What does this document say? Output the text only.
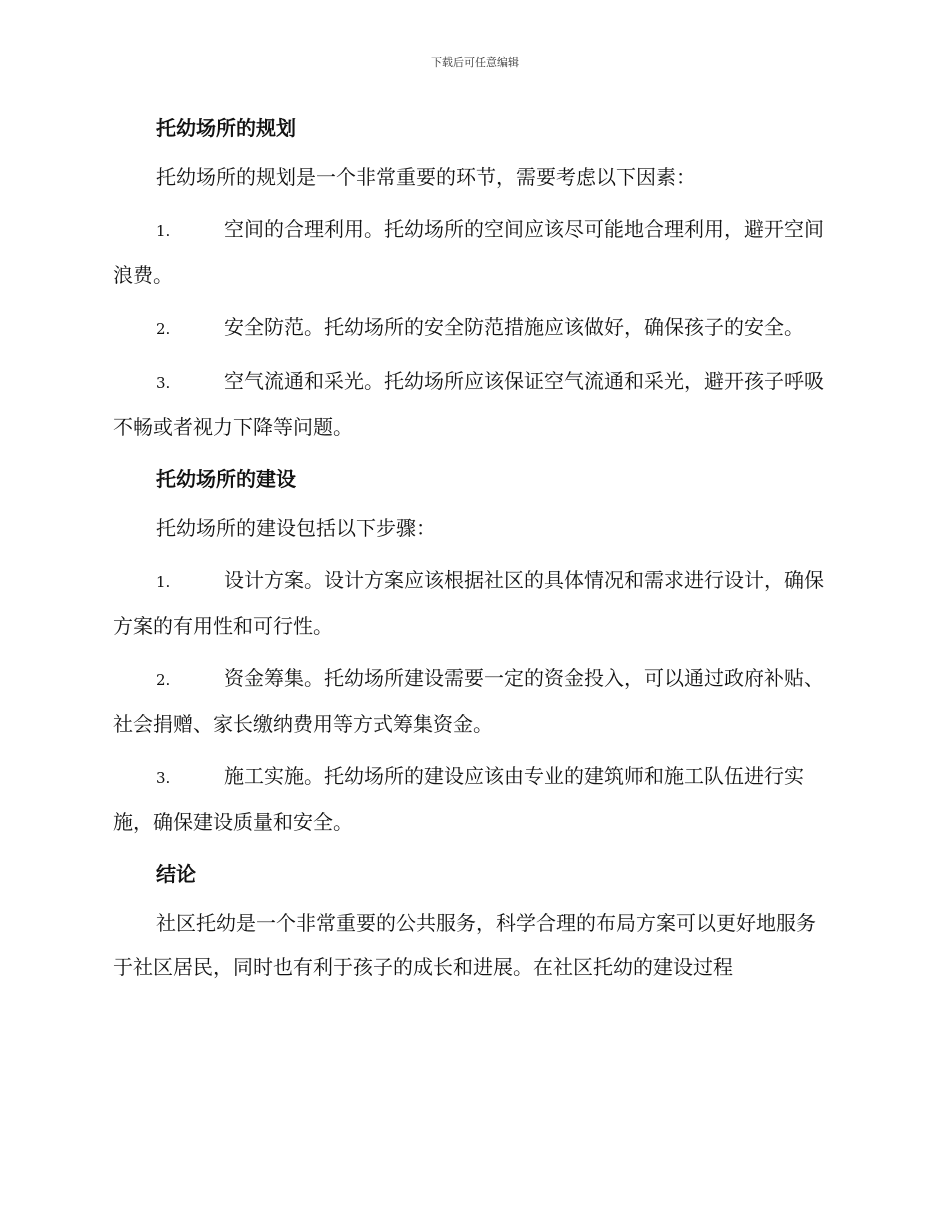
下载后可任意编辑
托幼场所的规划
托幼场所的规划是一个非常重要的环节，需要考虑以下因素：
1.	空间的合理利用。托幼场所的空间应该尽可能地合理利用，避开空间浪费。
2.	安全防范。托幼场所的安全防范措施应该做好，确保孩子的安全。
3.	空气流通和采光。托幼场所应该保证空气流通和采光，避开孩子呼吸不畅或者视力下降等问题。
托幼场所的建设
托幼场所的建设包括以下步骤：
1.	设计方案。设计方案应该根据社区的具体情况和需求进行设计，确保方案的有用性和可行性。
2.	资金筹集。托幼场所建设需要一定的资金投入，可以通过政府补贴、社会捐赠、家长缴纳费用等方式筹集资金。
3.	施工实施。托幼场所的建设应该由专业的建筑师和施工队伍进行实施，确保建设质量和安全。
结论
社区托幼是一个非常重要的公共服务，科学合理的布局方案可以更好地服务于社区居民，同时也有利于孩子的成长和进展。在社区托幼的建设过程
